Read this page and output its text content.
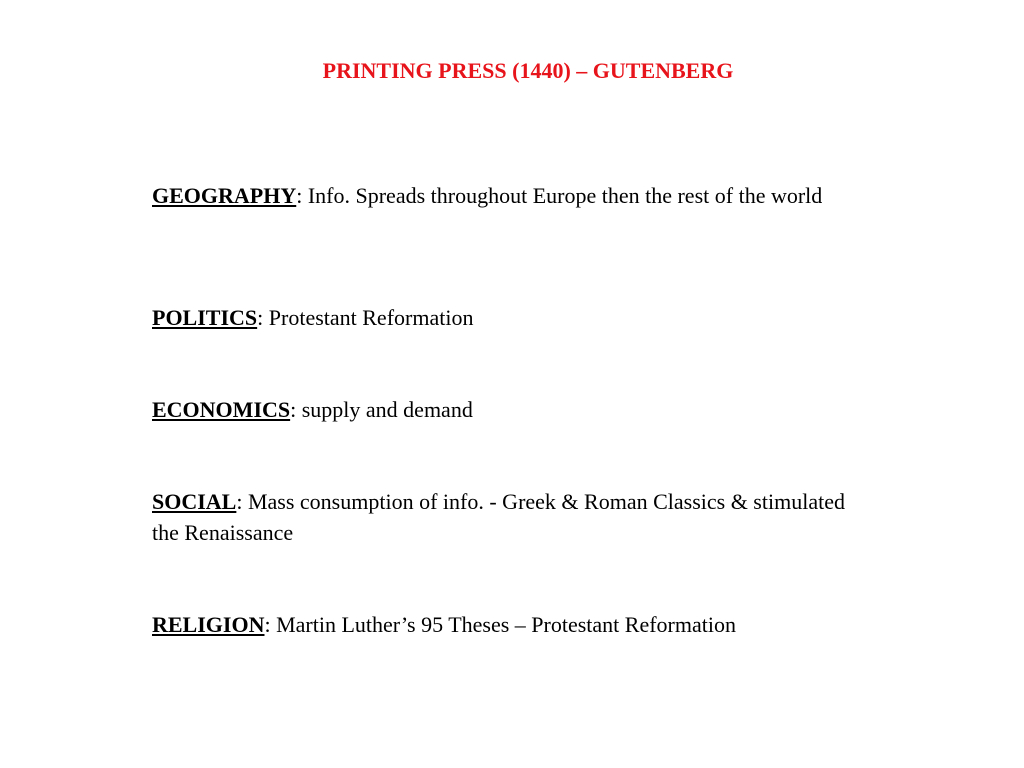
PRINTING PRESS (1440) – GUTENBERG
GEOGRAPHY: Info. Spreads throughout Europe then the rest of the world
POLITICS: Protestant Reformation
ECONOMICS: supply and demand
SOCIAL: Mass consumption of info. - Greek & Roman Classics & stimulated the Renaissance
RELIGION: Martin Luther’s 95 Theses – Protestant Reformation
